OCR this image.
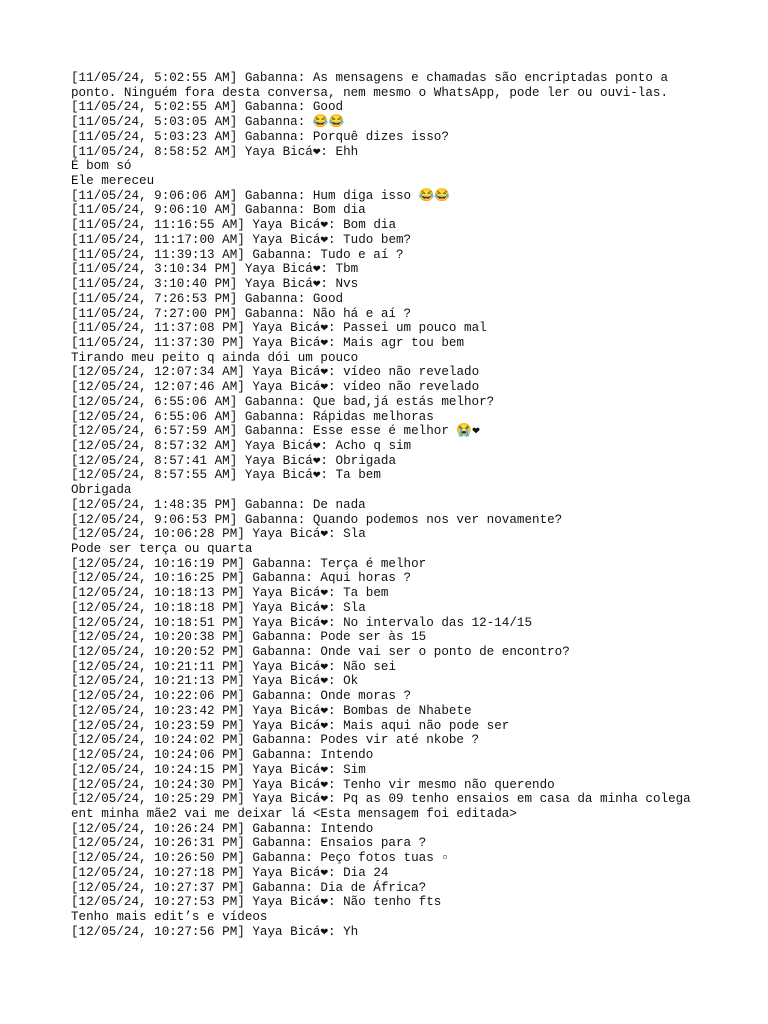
[11/05/24, 5:02:55 AM] Gabanna: As mensagens e chamadas são encriptadas ponto a
ponto. Ninguém fora desta conversa, nem mesmo o WhatsApp, pode ler ou ouvi-las.
[11/05/24, 5:02:55 AM] Gabanna: Good
[11/05/24, 5:03:05 AM] Gabanna: 😂😂
[11/05/24, 5:03:23 AM] Gabanna: Porquê dizes isso?
[11/05/24, 8:58:52 AM] Yaya Bicá❤: Ehh
É bom só
Ele mereceu
[11/05/24, 9:06:06 AM] Gabanna: Hum diga isso 😂😂
[11/05/24, 9:06:10 AM] Gabanna: Bom dia
[11/05/24, 11:16:55 AM] Yaya Bicá❤: Bom dia
[11/05/24, 11:17:00 AM] Yaya Bicá❤: Tudo bem?
[11/05/24, 11:39:13 AM] Gabanna: Tudo e aí ?
[11/05/24, 3:10:34 PM] Yaya Bicá❤: Tbm
[11/05/24, 3:10:40 PM] Yaya Bicá❤: Nvs
[11/05/24, 7:26:53 PM] Gabanna: Good
[11/05/24, 7:27:00 PM] Gabanna: Não há e aí ?
[11/05/24, 11:37:08 PM] Yaya Bicá❤: Passei um pouco mal
[11/05/24, 11:37:30 PM] Yaya Bicá❤: Mais agr tou bem
Tirando meu peito q ainda dói um pouco
[12/05/24, 12:07:34 AM] Yaya Bicá❤: vídeo não revelado
[12/05/24, 12:07:46 AM] Yaya Bicá❤: vídeo não revelado
[12/05/24, 6:55:06 AM] Gabanna: Que bad,já estás melhor?
[12/05/24, 6:55:06 AM] Gabanna: Rápidas melhoras
[12/05/24, 6:57:59 AM] Gabanna: Esse esse é melhor 😭❤
[12/05/24, 8:57:32 AM] Yaya Bicá❤: Acho q sim
[12/05/24, 8:57:41 AM] Yaya Bicá❤: Obrigada
[12/05/24, 8:57:55 AM] Yaya Bicá❤: Ta bem
Obrigada
[12/05/24, 1:48:35 PM] Gabanna: De nada
[12/05/24, 9:06:53 PM] Gabanna: Quando podemos nos ver novamente?
[12/05/24, 10:06:28 PM] Yaya Bicá❤: Sla
Pode ser terça ou quarta
[12/05/24, 10:16:19 PM] Gabanna: Terça é melhor
[12/05/24, 10:16:25 PM] Gabanna: Aqui horas ?
[12/05/24, 10:18:13 PM] Yaya Bicá❤: Ta bem
[12/05/24, 10:18:18 PM] Yaya Bicá❤: Sla
[12/05/24, 10:18:51 PM] Yaya Bicá❤: No intervalo das 12-14/15
[12/05/24, 10:20:38 PM] Gabanna: Pode ser às 15
[12/05/24, 10:20:52 PM] Gabanna: Onde vai ser o ponto de encontro?
[12/05/24, 10:21:11 PM] Yaya Bicá❤: Não sei
[12/05/24, 10:21:13 PM] Yaya Bicá❤: Ok
[12/05/24, 10:22:06 PM] Gabanna: Onde moras ?
[12/05/24, 10:23:42 PM] Yaya Bicá❤: Bombas de Nhabete
[12/05/24, 10:23:59 PM] Yaya Bicá❤: Mais aqui não pode ser
[12/05/24, 10:24:02 PM] Gabanna: Podes vir até nkobe ?
[12/05/24, 10:24:06 PM] Gabanna: Intendo
[12/05/24, 10:24:15 PM] Yaya Bicá❤: Sim
[12/05/24, 10:24:30 PM] Yaya Bicá❤: Tenho vir mesmo não querendo
[12/05/24, 10:25:29 PM] Yaya Bicá❤: Pq as 09 tenho ensaios em casa da minha colega
ent minha mãe2 vai me deixar lá <Esta mensagem foi editada>
[12/05/24, 10:26:24 PM] Gabanna: Intendo
[12/05/24, 10:26:31 PM] Gabanna: Ensaios para ?
[12/05/24, 10:26:50 PM] Gabanna: Peço fotos tuas ▫
[12/05/24, 10:27:18 PM] Yaya Bicá❤: Dia 24
[12/05/24, 10:27:37 PM] Gabanna: Dia de África?
[12/05/24, 10:27:53 PM] Yaya Bicá❤: Não tenho fts
Tenho mais edit’s e vídeos
[12/05/24, 10:27:56 PM] Yaya Bicá❤: Yh
